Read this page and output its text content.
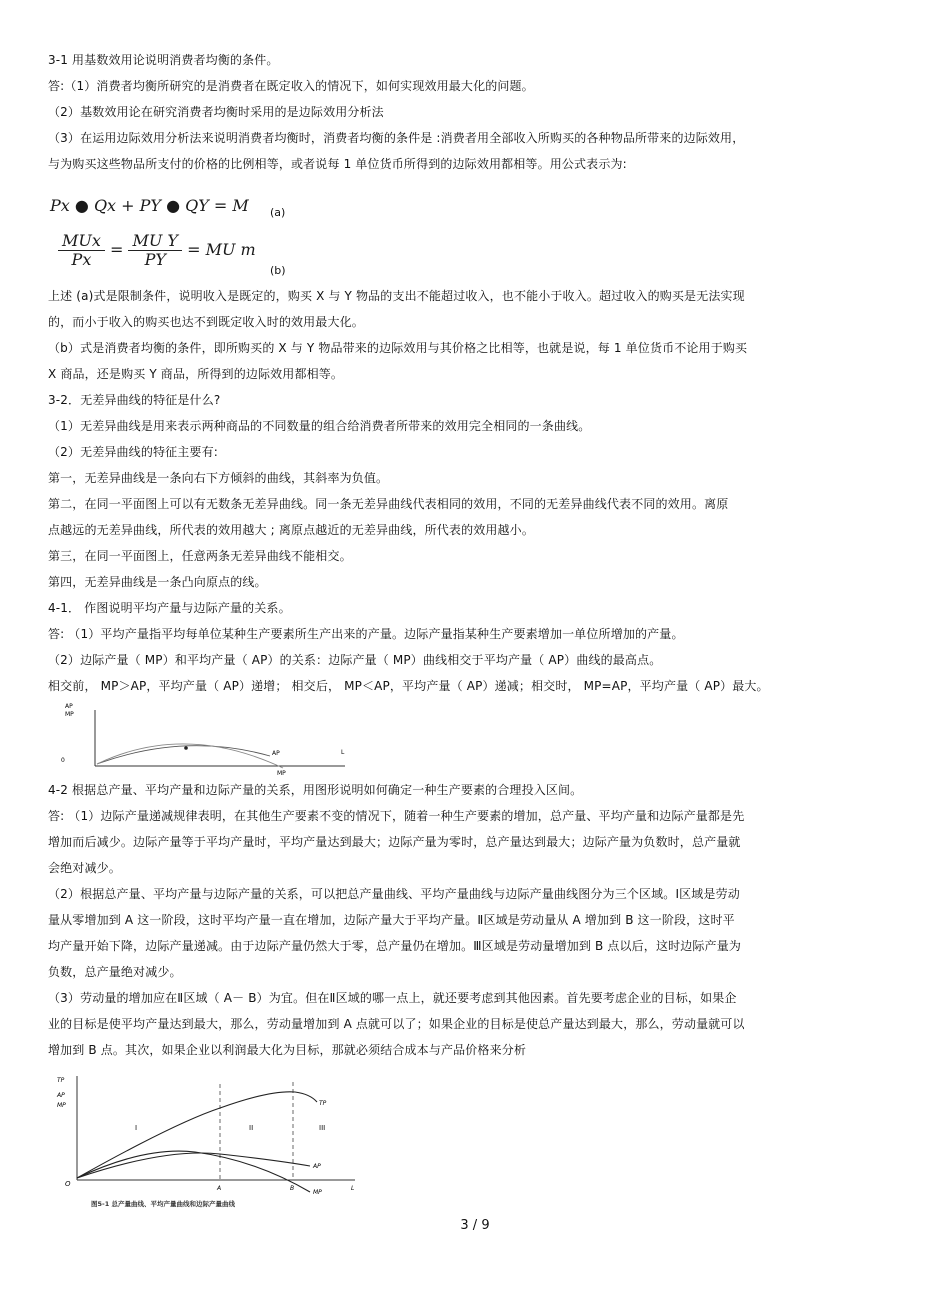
3-1 用基数效用论说明消费者均衡的条件。
答:（1）消费者均衡所研究的是消费者在既定收入的情况下，如何实现效用最大化的问题。
（2）基数效用论在研究消费者均衡时采用的是边际效用分析法
（3）在运用边际效用分析法来说明消费者均衡时，消费者均衡的条件是 :消费者用全部收入所购买的各种物品所带来的边际效用，
与为购买这些物品所支付的价格的比例相等，或者说每 1 单位货币所得到的边际效用都相等。用公式表示为:
Px ● Qx + PY ● QY = M (a)
$\frac{\text{MUx}}{Px} = \frac{\text{MU Y}}{PY}$ = MU m
(b)
上述 (a)式是限制条件，说明收入是既定的，购买 X 与 Y 物品的支出不能超过收入，也不能小于收入。超过收入的购买是无法实现
的，而小于收入的购买也达不到既定收入时的效用最大化。
（b）式是消费者均衡的条件，即所购买的 X 与 Y 物品带来的边际效用与其价格之比相等，也就是说，每 1 单位货币不论用于购买
X 商品，还是购买 Y 商品，所得到的边际效用都相等。
3-2．无差异曲线的特征是什么?
（1）无差异曲线是用来表示两种商品的不同数量的组合给消费者所带来的效用完全相同的一条曲线。
（2）无差异曲线的特征主要有:
第一，无差异曲线是一条向右下方倾斜的曲线，其斜率为负值。
第二，在同一平面图上可以有无数条无差异曲线。同一条无差异曲线代表相同的效用，不同的无差异曲线代表不同的效用。离原
点越远的无差异曲线，所代表的效用越大 ; 离原点越近的无差异曲线，所代表的效用越小。
第三，在同一平面图上，任意两条无差异曲线不能相交。
第四，无差异曲线是一条凸向原点的线。
4-1． 作图说明平均产量与边际产量的关系。
答: （1）平均产量指平均每单位某种生产要素所生产出来的产量。边际产量指某种生产要素增加一单位所增加的产量。
（2）边际产量（ MP）和平均产量（ AP）的关系：边际产量（ MP）曲线相交于平均产量（ AP）曲线的最高点。
相交前， MP＞AP，平均产量（ AP）递增； 相交后， MP＜AP，平均产量（ AP）递减；相交时， MP=AP，平均产量（ AP）最大。
AP
MP
0
L
AP
MP
4-2 根据总产量、平均产量和边际产量的关系，用图形说明如何确定一种生产要素的合理投入区间。
答: （1）边际产量递减规律表明，在其他生产要素不变的情况下，随着一种生产要素的增加，总产量、平均产量和边际产量都是先
增加而后减少。边际产量等于平均产量时，平均产量达到最大；边际产量为零时，总产量达到最大；边际产量为负数时，总产量就
会绝对减少。
（2）根据总产量、平均产量与边际产量的关系，可以把总产量曲线、平均产量曲线与边际产量曲线图分为三个区域。Ⅰ区域是劳动
量从零增加到 A 这一阶段，这时平均产量一直在增加，边际产量大于平均产量。Ⅱ区域是劳动量从 A 增加到 B 这一阶段，这时平
均产量开始下降，边际产量递减。由于边际产量仍然大于零，总产量仍在增加。Ⅲ区域是劳动量增加到 B 点以后，这时边际产量为
负数，总产量绝对减少。
（3）劳动量的增加应在Ⅱ区域（ A－ B）为宜。但在Ⅱ区域的哪一点上，就还要考虑到其他因素。首先要考虑企业的目标，如果企
业的目标是使平均产量达到最大，那么，劳动量增加到 A 点就可以了；如果企业的目标是使总产量达到最大，那么，劳动量就可以
增加到 B 点。其次，如果企业以利润最大化为目标，那就必须结合成本与产品价格来分析
TP
AP
MP
O
L
A	B
I	II	III
TP
AP
MP
图5-1 总产量曲线、平均产量曲线和边际产量曲线
3 / 9
